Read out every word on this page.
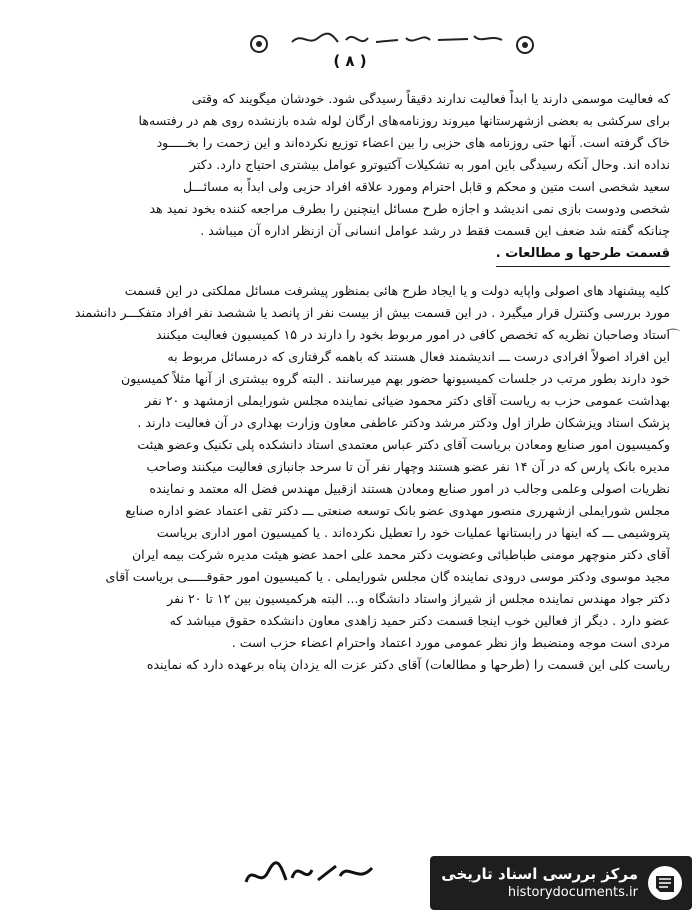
( ٨ )
⌒
که فعالیت موسمی دارند یا ابداً فعالیت ندارند دقیقاً رسیدگی شود. خودشان میگویند که وقتی
برای سرکشی به بعضی ازشهرستانها میروند روزنامه‌های ارگان لوله شده بازنشده روی هم در رفتسه‌ها
خاک گرفته است. آنها حتی روزنامه های حزبی را بین اعضاء توزیع نکرده‌اند و این زحمت را بخـــــود
نداده اند. وحال آنکه رسیدگی باین امور به تشکیلات آکتیوترو عوامل بیشتری احتیاج دارد. دکتر
سعید شخصی است متین و محکم و قابل احترام ومورد علاقه افراد حزبی ولی ابداً به مسائـــل
شخصی ودوست بازی نمی اندیشد و اجازه طرح مسائل اینچنین را بطرف مراجعه کننده بخود نمید هد
چنانکه گفته شد ضعف این قسمت فقط در رشد عوامل انسانی آن ازنظر اداره آن میباشد .
قسمت طرحها و مطالعات .
کلیه پیشنهاد های اصولی واپایه دولت و یا ایجاد طرح هائی بمنظور پیشرفت مسائل مملکتی در این قسمت
مورد بررسی وکنترل قرار میگیرد . در این قسمت بیش از بیست نفر از پانصد یا ششصد نفر افراد متفکـــر دانشمند
استاد وصاحبان نظریه که تخصص کافی در امور مربوط بخود را دارند در ۱۵ کمیسیون فعالیت میکنند
این افراد اصولاً افرادی درست ـــ اندیشمند فعال هستند که باهمه گرفتاری که درمسائل مربوط به
خود دارند بطور مرتب در جلسات کمیسیونها حضور بهم میرسانند . البته گروه بیشتری از آنها مثلاً کمیسیون
بهداشت عمومی حزب به ریاست آقای دکتر محمود ضیائی نماینده مجلس شورایملی ازمشهد و ۲۰ نفر
پزشک استاد ویزشکان طراز اول ودکتر مرشد ودکتر عاطفی معاون وزارت بهداری در آن فعالیت دارند .
وکمیسیون امور صنایع ومعادن بریاست آقای دکتر عباس معتمدی استاد دانشکده پلی تکنیک وعضو هیئت
مدیره بانک پارس که در آن ۱۴ نفر عضو هستند وچهار نفر آن تا سرحد جانبازی فعالیت میکنند وصاحب
نظریات اصولی وعلمی وجالب در امور صنایع ومعادن هستند ازقبیل مهندس فضل اله معتمد و نماینده
مجلس شورایملی ازشهرری منصور مهدوی عضو بانک توسعه صنعتی ـــ دکتر تقی اعتماد عضو اداره صنایع
پتروشیمی ـــ که اینها در رابستانها عملیات خود را تعطیل نکرده‌اند . یا کمیسیون امور اداری بریاست
آقای دکتر منوچهر مومنی طباطبائی وعضویت دکتر محمد علی احمد عضو هیئت مدیره شرکت بیمه ایران
مجید موسوی ودکتر موسی درودی نماینده گان مجلس شورایملی . یا کمیسیون امور حقوقـــــی بریاست آقای
دکتر جواد مهندس نماینده مجلس از شیراز واستاد دانشگاه و... البته هرکمیسیون بین ۱۲ تا ۲۰ نفر
عضو دارد . دیگر از فعالین خوب اینجا قسمت دکتر حمید زاهدی معاون دانشکده حقوق میباشد که
مردی است موجه ومنضبط واز نظر عمومی مورد اعتماد واحترام اعضاء حزب است .
ریاست کلی این قسمت را (طرحها و مطالعات) آقای دکتر عزت اله یزدان پناه برعهده دارد که نماینده
مرکز بررسی اسناد تاریخی
historydocuments.ir
